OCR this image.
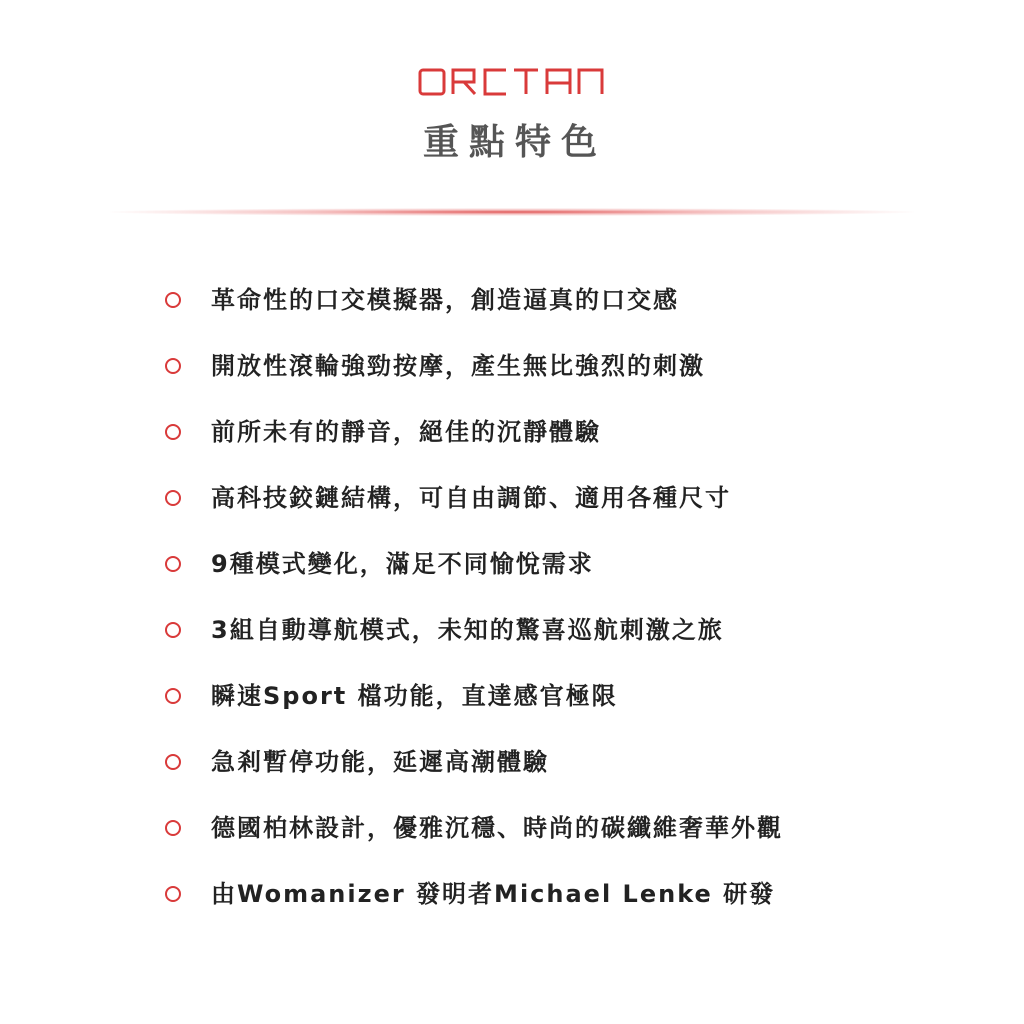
重點特色
革命性的口交模擬器，創造逼真的口交感
開放性滾輪強勁按摩，產生無比強烈的刺激
前所未有的靜音，絕佳的沉靜體驗
高科技鉸鏈結構，可自由調節、適用各種尺寸
9種模式變化，滿足不同愉悅需求
3組自動導航模式，未知的驚喜巡航刺激之旅
瞬速Sport 檔功能，直達感官極限
急剎暫停功能，延遲高潮體驗
德國柏林設計，優雅沉穩、時尚的碳纖維奢華外觀
由Womanizer 發明者Michael Lenke 研發
